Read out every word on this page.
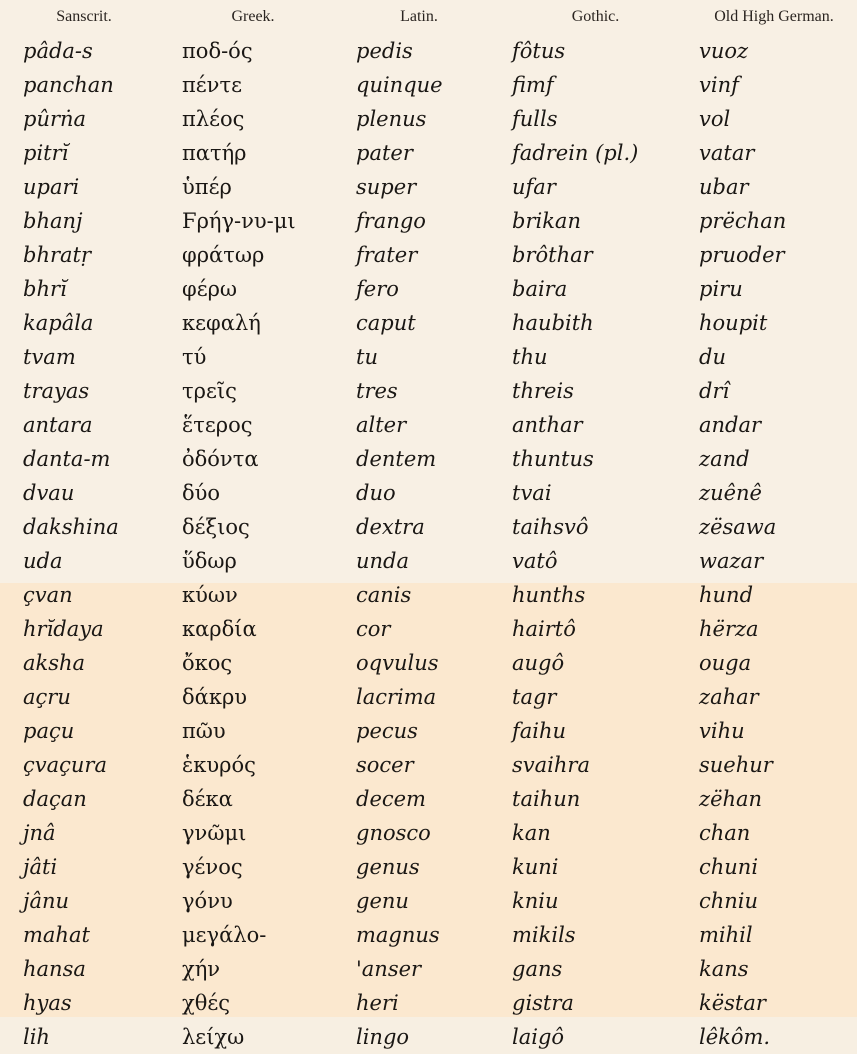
Sanscrit.	Greek.	Latin.	Gothic.	Old High German.
pâda-s	ποδ-ός	pedis	fôtus	vuoz
panchan	πέντε	quinque	fimf	vinf
pûrṅa	πλέος	plenus	fulls	vol
pitrĭ	πατήρ	pater	fadrein (pl.)	vatar
upari	ὑπέρ	super	ufar	ubar
bhanj	Ϝρήγ-νυ-μι	frango	brikan	prëchan
bhratṛ	φράτωρ	frater	brôthar	pruoder
bhrĭ	φέρω	fero	baira	piru
kapâla	κεφαλή	caput	haubith	houpit
tvam	τύ	tu	thu	du
trayas	τρεῖς	tres	threis	drî
antara	ἕτερος	alter	anthar	andar
danta-m	ὀδόντα	dentem	thuntus	zand
dvau	δύο	duo	tvai	zuênê
dakshina	δέξιος	dextra	taihsvô	zësawa
uda	ὕδωρ	unda	vatô	wazar
çvan	κύων	canis	hunths	hund
hrĭdaya	καρδία	cor	hairtô	hërza
aksha	ὄκος	oqvulus	augô	ouga
açru	δάκρυ	lacrima	tagr	zahar
paçu	πῶυ	pecus	faihu	vihu
çvaçura	ἑκυρός	socer	svaihra	suehur
daçan	δέκα	decem	taihun	zëhan
jnâ	γνῶμι	gnosco	kan	chan
jâti	γένος	genus	kuni	chuni
jânu	γόνυ	genu	kniu	chniu
mahat	μεγάλο-	magnus	mikils	mihil
hansa	χήν	'anser	gans	kans
hyas	χθές	heri	gistra	këstar
lih	λείχω	lingo	laigô	lêkôm.
